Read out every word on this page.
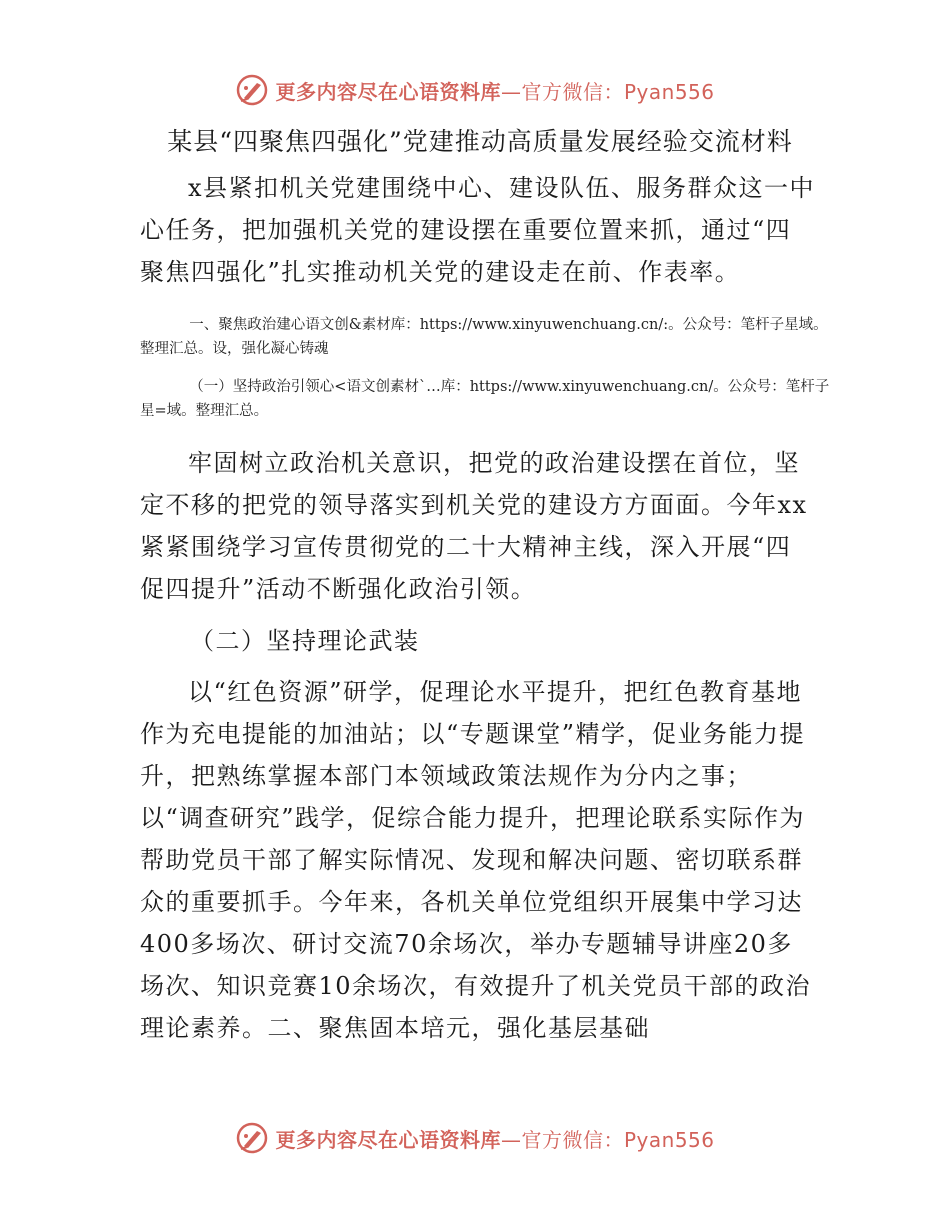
更多内容尽在心语资料库—官方微信：Pyan556
某县“四聚焦四强化”党建推动高质量发展经验交流材料

x县紧扣机关党建围绕中心、建设队伍、服务群众这一中心任务，把加强机关党的建设摆在重要位置来抓，通过“四聚焦四强化”扎实推动机关党的建设走在前、作表率。

一、聚焦政治建心语文创&素材库：https://www.xinyuwenchuang.cn/:。公众号：笔杆子星域。整理汇总。设，强化凝心铸魂

（一）坚持政治引领心<语文创素材`…库：https://www.xinyuwenchuang.cn/。公众号：笔杆子星=域。整理汇总。

牢固树立政治机关意识，把党的政治建设摆在首位，坚定不移的把党的领导落实到机关党的建设方方面面。今年xx紧紧围绕学习宣传贯彻党的二十大精神主线，深入开展“四促四提升”活动不断强化政治引领。

（二）坚持理论武装

以“红色资源”研学，促理论水平提升，把红色教育基地作为充电提能的加油站；以“专题课堂”精学，促业务能力提升，把熟练掌握本部门本领域政策法规作为分内之事；以“调查研究”践学，促综合能力提升，把理论联系实际作为帮助党员干部了解实际情况、发现和解决问题、密切联系群众的重要抓手。今年来，各机关单位党组织开展集中学习达400多场次、研讨交流70余场次，举办专题辅导讲座20多场次、知识竞赛10余场次，有效提升了机关党员干部的政治理论素养。二、聚焦固本培元，强化基层基础

更多内容尽在心语资料库—官方微信：Pyan556
